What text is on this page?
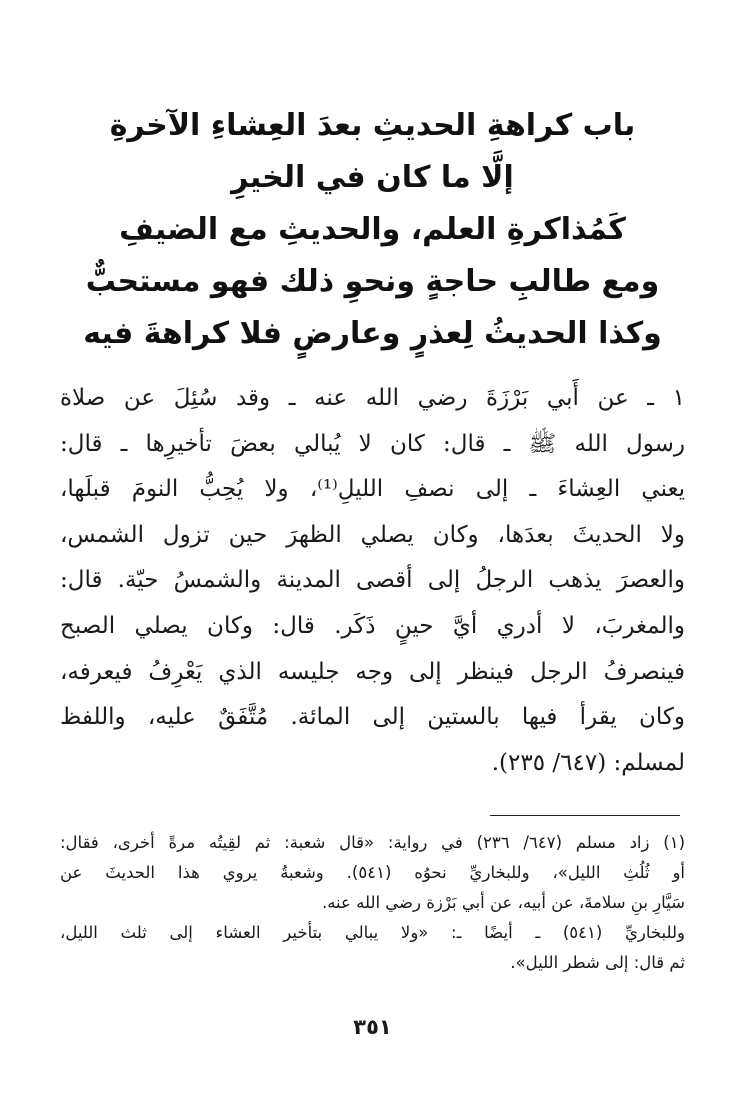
باب كراهةِ الحديثِ بعدَ العِشاءِ الآخرةِ
إلَّا ما كان في الخيرِ
كَمُذاكرةِ العلم، والحديثِ مع الضيفِ
ومع طالبِ حاجةٍ ونحوِ ذلك فهو مستحبٌّ
وكذا الحديثُ لِعذرٍ وعارضٍ فلا كراهةَ فيه
١ ـ عن أَبي بَرْزَةَ رضي الله عنه ـ وقد سُئِلَ عن صلاة
رسول الله ﷺ ـ قال: كان لا يُبالي بعضَ تأخيرِها ـ قال:
يعني العِشاءَ ـ إلى نصفِ الليلِ⁽¹⁾، ولا يُحِبُّ النومَ قبلَها،
ولا الحديثَ بعدَها، وكان يصلي الظهرَ حين تزول الشمس،
والعصرَ يذهب الرجلُ إلى أقصى المدينة والشمسُ حيّة. قال:
والمغربَ، لا أدري أيَّ حينٍ ذَكَر. قال: وكان يصلي الصبح
فينصرفُ الرجل فينظر إلى وجه جليسه الذي يَعْرِفُ فيعرفه،
وكان يقرأ فيها بالستين إلى المائة. مُتَّفَقٌ عليه، واللفظ
لمسلم: (٦٤٧/ ٢٣٥).
(١) زاد مسلم (٦٤٧/ ٢٣٦) في رواية: «قال شعبة: ثم لقِيتُه مرةً أخرى، فقال:
أو ثُلُثِ الليل»، وللبخاريِّ نحوُه (٥٤١). وشعبةُ يروي هذا الحديثَ عن
سَيَّارِ بنِ سلامةَ، عن أبيه، عن أبي بَرْزة رضي الله عنه.
وللبخاريِّ (٥٤١) ـ أيضًا ـ: «ولا يبالي بتأخير العشاء إلى ثلث الليل،
ثم قال: إلى شطر الليل».
٣٥١
